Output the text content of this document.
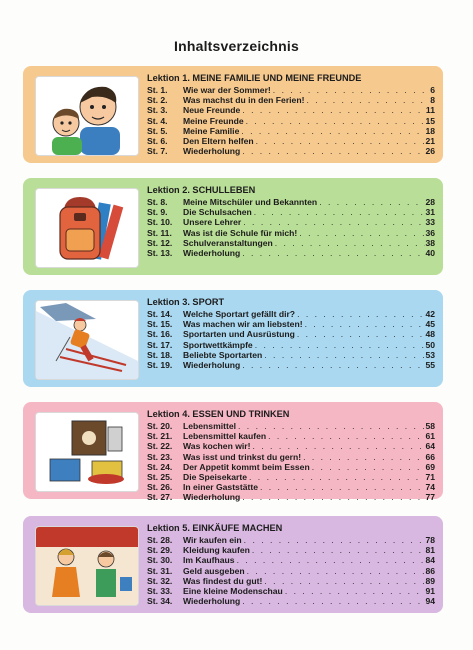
Inhaltsverzeichnis
Lektion 1. MEINE FAMILIE UND MEINE FREUNDE
St. 1.	Wie war der Sommer! . . .	6
St. 2.	Was machst du in den Ferien! . . .	8
St. 3.	Neue Freunde . . .	11
St. 4.	Meine Freunde . . .	15
St. 5.	Meine Familie . . .	18
St. 6.	Den Eltern helfen . . .	21
St. 7.	Wiederholung . . .	26
Lektion 2. SCHULLEBEN
St. 8.	Meine Mitschüler und Bekannten . . .	28
St. 9.	Die Schulsachen . . .	31
St. 10.	Unsere Lehrer . . .	33
St. 11.	Was ist die Schule für mich! . . .	36
St. 12.	Schulveranstaltungen . . .	38
St. 13.	Wiederholung . . .	40
Lektion 3. SPORT
St. 14.	Welche Sportart gefällt dir? . . .	42
St. 15.	Was machen wir am liebsten! . . .	45
St. 16.	Sportarten und Ausrüstung . . .	48
St. 17.	Sportwettkämpfe . . .	50
St. 18.	Beliebte Sportarten . . .	53
St. 19.	Wiederholung . . .	55
Lektion 4. ESSEN UND TRINKEN
St. 20.	Lebensmittel . . .	58
St. 21.	Lebensmittel kaufen . . .	61
St. 22.	Was kochen wir! . . .	64
St. 23.	Was isst und trinkst du gern! . . .	66
St. 24.	Der Appetit kommt beim Essen . . .	69
St. 25.	Die Speisekarte . . .	71
St. 26.	In einer Gaststätte . . .	74
St. 27.	Wiederholung . . .	77
Lektion 5. EINKÄUFE MACHEN
St. 28.	Wir kaufen ein . . .	78
St. 29.	Kleidung kaufen . . .	81
St. 30.	Im Kaufhaus . . .	84
St. 31.	Geld ausgeben . . .	86
St. 32.	Was findest du gut! . . .	89
St. 33.	Eine kleine Modenschau . . .	91
St. 34.	Wiederholung . . .	94
